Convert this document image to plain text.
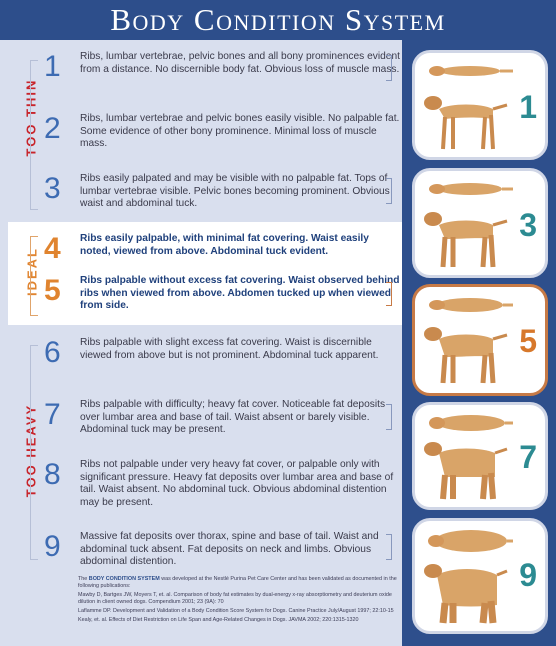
Body Condition System
TOO THIN
IDEAL
TOO HEAVY
1 Ribs, lumbar vertebrae, pelvic bones and all bony prominences evident from a distance. No discernible body fat. Obvious loss of muscle mass.
2 Ribs, lumbar vertebrae and pelvic bones easily visible. No palpable fat. Some evidence of other bony prominence. Minimal loss of muscle mass.
3 Ribs easily palpated and may be visible with no palpable fat. Tops of lumbar vertebrae visible. Pelvic bones becoming prominent. Obvious waist and abdominal tuck.
4 Ribs easily palpable, with minimal fat covering. Waist easily noted, viewed from above. Abdominal tuck evident.
5 Ribs palpable without excess fat covering. Waist observed behind ribs when viewed from above. Abdomen tucked up when viewed from side.
6 Ribs palpable with slight excess fat covering. Waist is discernible viewed from above but is not prominent. Abdominal tuck apparent.
7 Ribs palpable with difficulty; heavy fat cover. Noticeable fat deposits over lumbar area and base of tail. Waist absent or barely visible. Abdominal tuck may be present.
8 Ribs not palpable under very heavy fat cover, or palpable only with significant pressure. Heavy fat deposits over lumbar area and base of tail. Waist absent. No abdominal tuck. Obvious abdominal distention may be present.
9 Massive fat deposits over thorax, spine and base of tail. Waist and abdominal tuck absent. Fat deposits on neck and limbs. Obvious abdominal distention.
1
3
5
7
9
The BODY CONDITION SYSTEM was developed at the Nestlé Purina Pet Care Center and has been validated as documented in the following publications:
Mawby D, Bartges JW, Moyers T, et. al. Comparison of body fat estimates by dual-energy x-ray absorptiometry and deuterium oxide dilution in client owned dogs. Compendium 2001; 23 (9A): 70
Laflamme DP. Development and Validation of a Body Condition Score System for Dogs. Canine Practice July/August 1997; 22:10-15
Kealy, et. al. Effects of Diet Restriction on Life Span and Age-Related Changes in Dogs. JAVMA 2002; 220:1315-1320
